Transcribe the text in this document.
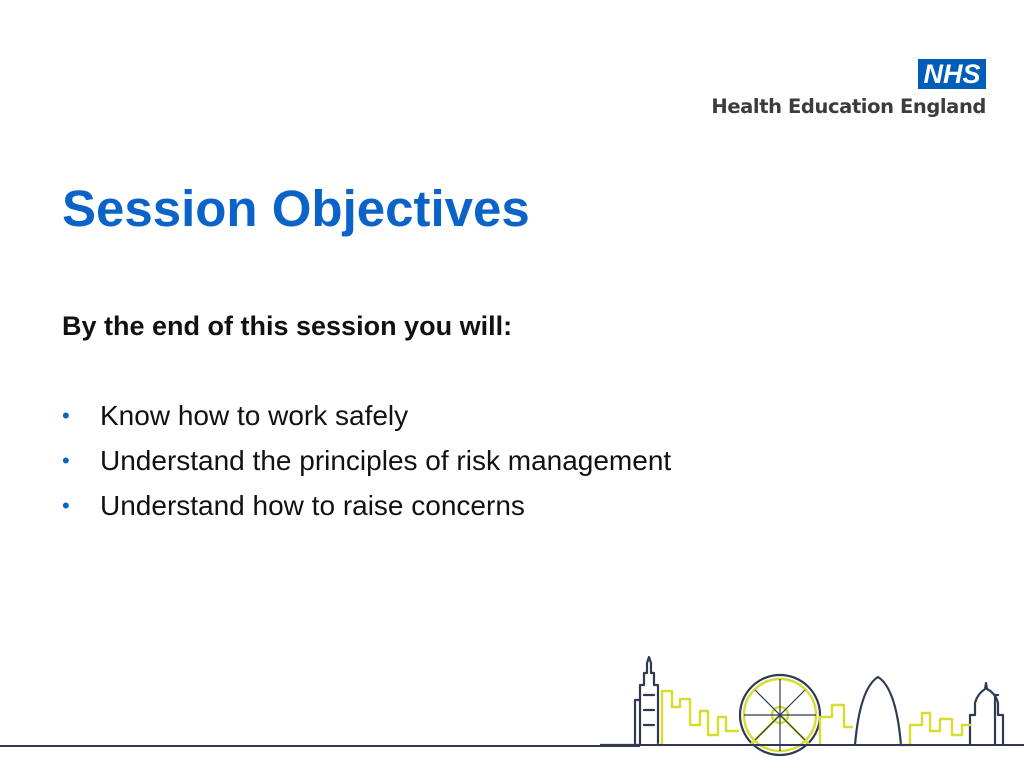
NHS
Health Education England
Session Objectives

By the end of this session you will:

•	Know how to work safely
•	Understand the principles of risk management
•	Understand how to raise concerns
